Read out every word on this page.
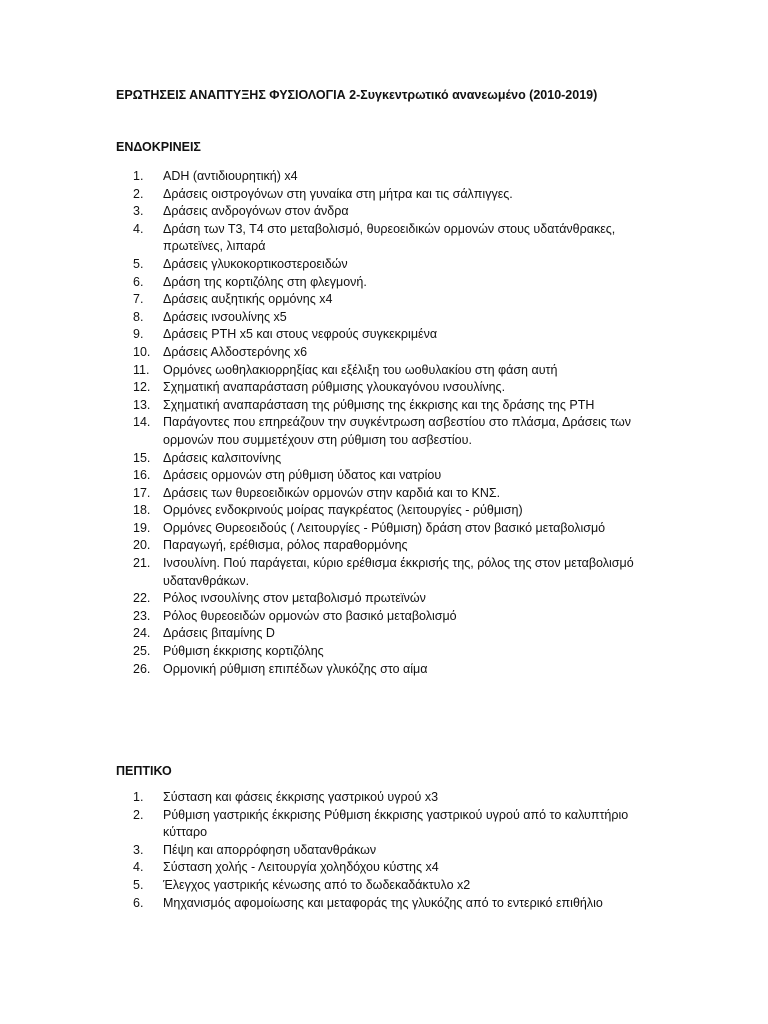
ΕΡΩΤΗΣΕΙΣ ΑΝΑΠΤΥΞΗΣ ΦΥΣΙΟΛΟΓΙΑ 2-Συγκεντρωτικό ανανεωμένο (2010-2019)
ΕΝΔΟΚΡΙΝΕΙΣ
1.	ADH (αντιδιουρητική) x4
2.	Δράσεις οιστρογόνων στη γυναίκα στη μήτρα και τις σάλπιγγες.
3.	Δράσεις ανδρογόνων στον άνδρα
4.	Δράση των Τ3, Τ4 στο μεταβολισμό, θυρεοειδικών ορμονών στους υδατάνθρακες, πρωτεϊνες, λιπαρά
5.	Δράσεις γλυκοκορτικοστεροειδών
6.	Δράση της κορτιζόλης στη φλεγμονή.
7.	Δράσεις αυξητικής ορμόνης x4
8.	Δράσεις ινσουλίνης x5
9.	Δράσεις PTH x5 και στους νεφρούς συγκεκριμένα
10.	Δράσεις Αλδοστερόνης x6
11.	Ορμόνες ωοθηλακιορρηξίας και εξέλιξη του ωοθυλακίου στη φάση αυτή
12.	Σχηματική αναπαράσταση ρύθμισης γλουκαγόνου ινσουλίνης.
13.	Σχηματική αναπαράσταση της ρύθμισης της έκκρισης και της δράσης της PTH
14.	Παράγοντες που επηρεάζουν την συγκέντρωση ασβεστίου στο πλάσμα, Δράσεις των ορμονών που συμμετέχουν στη ρύθμιση του ασβεστίου.
15.	Δράσεις καλσιτονίνης
16.	Δράσεις ορμονών στη ρύθμιση ύδατος και νατρίου
17.	Δράσεις των θυρεοειδικών ορμονών στην καρδιά και το ΚΝΣ.
18.	Ορμόνες ενδοκρινούς μοίρας παγκρέατος (λειτουργίες - ρύθμιση)
19.	Ορμόνες Θυρεοειδούς ( Λειτουργίες - Ρύθμιση) δράση στον βασικό μεταβολισμό
20.	Παραγωγή, ερέθισμα, ρόλος παραθορμόνης
21.	Ινσουλίνη. Πού παράγεται, κύριο ερέθισμα έκκρισής της, ρόλος της στον μεταβολισμό υδατανθράκων.
22.	Ρόλος ινσουλίνης στον μεταβολισμό πρωτεϊνών
23.	Ρόλος θυρεοειδών ορμονών στο βασικό μεταβολισμό
24.	Δράσεις βιταμίνης D
25.	Ρύθμιση έκκρισης κορτιζόλης
26.	Ορμονική ρύθμιση επιπέδων γλυκόζης στο αίμα
ΠΕΠΤΙΚΟ
1.	Σύσταση και φάσεις έκκρισης γαστρικού υγρού x3
2.	Ρύθμιση γαστρικής έκκρισης Ρύθμιση έκκρισης γαστρικού υγρού από το καλυπτήριο κύτταρο
3.	Πέψη και απορρόφηση υδατανθράκων
4.	Σύσταση χολής - Λειτουργία χοληδόχου κύστης x4
5.	Έλεγχος γαστρικής κένωσης από το δωδεκαδάκτυλο x2
6.	Μηχανισμός αφομοίωσης και μεταφοράς της γλυκόζης από το εντερικό επιθήλιο
